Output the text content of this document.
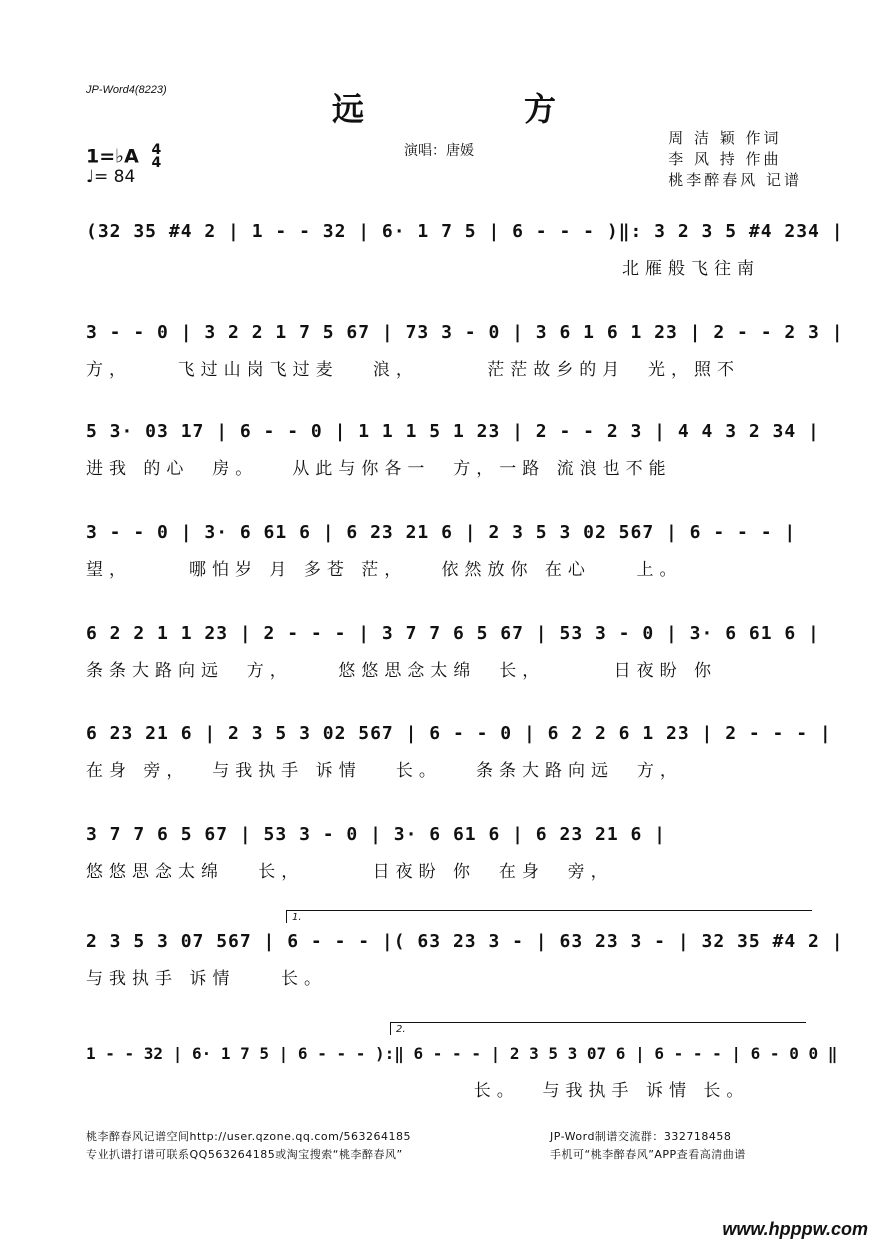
JP-Word4(8223)	远　方
演唱：唐媛
周 洁 颖 作词
李 风 持 作曲
桃李醉春风 记谱
1=♭A 4
4
♩= 84
(32 35 #4 2 | 1 - - 32 | 6· 1 7 5 | 6 - - - )‖: 3 2 3 5 #4 234 |
北雁般飞往南
3 - - 0 | 3 2 2 1 7 5 67 | 73 3 - 0 | 3 6 1 6 1 23 | 2 - - 2 3 |
方，    飞过山岗飞过麦   浪，      茫茫故乡的月  光，照不
5 3· 03 17 | 6 - - 0 | 1 1 1 5 1 23 | 2 - - 2 3 | 4 4 3 2 34 |
进我 的心  房。   从此与你各一  方，一路 流浪也不能
3 - - 0 | 3· 6 61 6 | 6 23 21 6 | 2 3 5 3 02 567 | 6 - - - |
望，     哪怕岁 月 多苍 茫，   依然放你 在心    上。
6 2 2 1 1 23 | 2 - - - | 3 7 7 6 5 67 | 53 3 - 0 | 3· 6 61 6 |
条条大路向远  方，    悠悠思念太绵  长，      日夜盼 你
6 23 21 6 | 2 3 5 3 02 567 | 6 - - 0 | 6 2 2 6 1 23 | 2 - - - |
在身 旁，  与我执手 诉情   长。   条条大路向远  方，
3 7 7 6 5 67 | 53 3 - 0 | 3· 6 61 6 | 6 23 21 6 |
悠悠思念太绵   长，      日夜盼 你  在身  旁，
1.
2 3 5 3 07 567 | 6 - - - |( 63 23 3 - | 63 23 3 - | 32 35 #4 2 |
与我执手 诉情    长。
2.
1 - - 32 | 6· 1 7 5 | 6 - - - ):‖ 6 - - - | 2 3 5 3 07 6 | 6 - - - | 6 - 0 0 ‖
长。  与我执手 诉情 长。
桃李醉春风记谱空间http://user.qzone.qq.com/563264185
专业扒谱打谱可联系QQ563264185或淘宝搜索“桃李醉春风”
JP-Word制谱交流群：332718458
手机可“桃李醉春风”APP查看高清曲谱
www.hpppw.com
